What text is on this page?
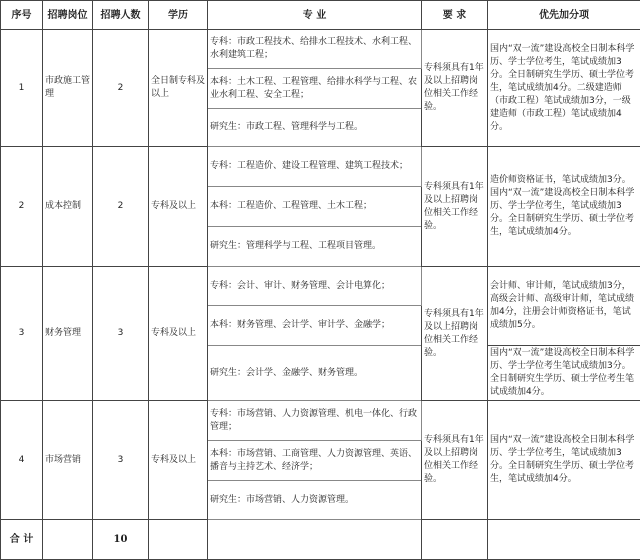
序号	招聘岗位	招聘人数	学历	专 业	要 求	优先加分项
1	市政施工管理	2	全日制专科及以上	专科：市政工程技术、给排水工程技术、水利工程、水利建筑工程；	专科须具有1年及以上招聘岗位相关工作经验。	国内“双一流”建设高校全日制本科学历、学士学位考生，笔试成绩加3分。全日制研究生学历、硕士学位考生，笔试成绩加4分。二级建造师（市政工程）笔试成绩加3分，一级建造师（市政工程）笔试成绩加4分。
				本科：土木工程、工程管理、给排水科学与工程、农业水利工程、安全工程；		
				研究生：市政工程、管理科学与工程。		
2	成本控制	2	专科及以上	专科：工程造价、建设工程管理、建筑工程技术；	专科须具有1年及以上招聘岗位相关工作经验。	造价师资格证书，笔试成绩加3分。国内“双一流”建设高校全日制本科学历、学士学位考生，笔试成绩加3分。全日制研究生学历、硕士学位考生，笔试成绩加4分。
				本科：工程造价、工程管理、土木工程；		
				研究生：管理科学与工程、工程项目管理。		
3	财务管理	3	专科及以上	专科：会计、审计、财务管理、会计电算化；	专科须具有1年及以上招聘岗位相关工作经验。	会计师、审计师，笔试成绩加3分，高级会计师、高级审计师，笔试成绩加4分，注册会计师资格证书，笔试成绩加5分。
				本科：财务管理、会计学、审计学、金融学；		
				研究生：会计学、金融学、财务管理。		国内“双一流”建设高校全日制本科学历、学士学位考生笔试成绩加3分。全日制研究生学历、硕士学位考生笔试成绩加4分。
4	市场营销	3	专科及以上	专科：市场营销、人力资源管理、机电一体化、行政管理；	专科须具有1年及以上招聘岗位相关工作经验。	国内“双一流”建设高校全日制本科学历、学士学位考生，笔试成绩加3分。全日制研究生学历、硕士学位考生，笔试成绩加4分。
				本科：市场营销、工商管理、人力资源管理、英语、播音与主持艺术、经济学；		
				研究生：市场营销、人力资源管理。		
合 计		10				
